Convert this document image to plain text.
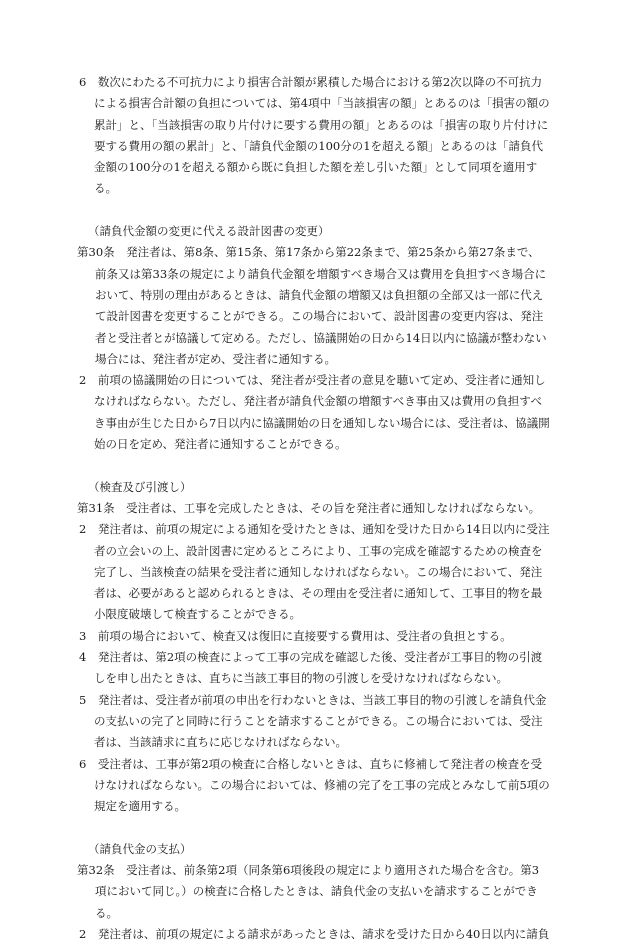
6　 数次にわたる不可抗力により損害合計額が累積した場合における第2次以降の不可抗力による損害合計額の負担については、第4項中「当該損害の額」とあるのは「損害の額の累計」と、「当該損害の取り片付けに要する費用の額」とあるのは「損害の取り片付けに要する費用の額の累計」と、「請負代金額の100分の1を超える額」とあるのは「請負代金額の100分の1を超える額から既に負担した額を差し引いた額」として同項を適用する。

（請負代金額の変更に代える設計図書の変更）

第30条　 発注者は、第8条、第15条、第17条から第22条まで、第25条から第27条まで、前条又は第33条の規定により請負代金額を増額すべき場合又は費用を負担すべき場合において、特別の理由があるときは、請負代金額の増額又は負担額の全部又は一部に代えて設計図書を変更することができる。この場合において、設計図書の変更内容は、発注者と受注者とが協議して定める。ただし、協議開始の日から14日以内に協議が整わない場合には、発注者が定め、受注者に通知する。

2　 前項の協議開始の日については、発注者が受注者の意見を聴いて定め、受注者に通知しなければならない。ただし、発注者が請負代金額の増額すべき事由又は費用の負担すべき事由が生じた日から7日以内に協議開始の日を通知しない場合には、受注者は、協議開始の日を定め、発注者に通知することができる。

（検査及び引渡し）

第31条　 受注者は、工事を完成したときは、その旨を発注者に通知しなければならない。

2　 発注者は、前項の規定による通知を受けたときは、通知を受けた日から14日以内に受注者の立会いの上、設計図書に定めるところにより、工事の完成を確認するための検査を完了し、当該検査の結果を受注者に通知しなければならない。この場合において、発注者は、必要があると認められるときは、その理由を受注者に通知して、工事目的物を最小限度破壊して検査することができる。

3　 前項の場合において、検査又は復旧に直接要する費用は、受注者の負担とする。

4　 発注者は、第2項の検査によって工事の完成を確認した後、受注者が工事目的物の引渡しを申し出たときは、直ちに当該工事目的物の引渡しを受けなければならない。

5　 発注者は、受注者が前項の申出を行わないときは、当該工事目的物の引渡しを請負代金の支払いの完了と同時に行うことを請求することができる。この場合においては、受注者は、当該請求に直ちに応じなければならない。

6　 受注者は、工事が第2項の検査に合格しないときは、直ちに修補して発注者の検査を受けなければならない。この場合においては、修補の完了を工事の完成とみなして前5項の規定を適用する。

（請負代金の支払）

第32条　 受注者は、前条第2項（同条第6項後段の規定により適用された場合を含む。第3項において同じ。）の検査に合格したときは、請負代金の支払いを請求することができる。

2　 発注者は、前項の規定による請求があったときは、請求を受けた日から40日以内に請負
